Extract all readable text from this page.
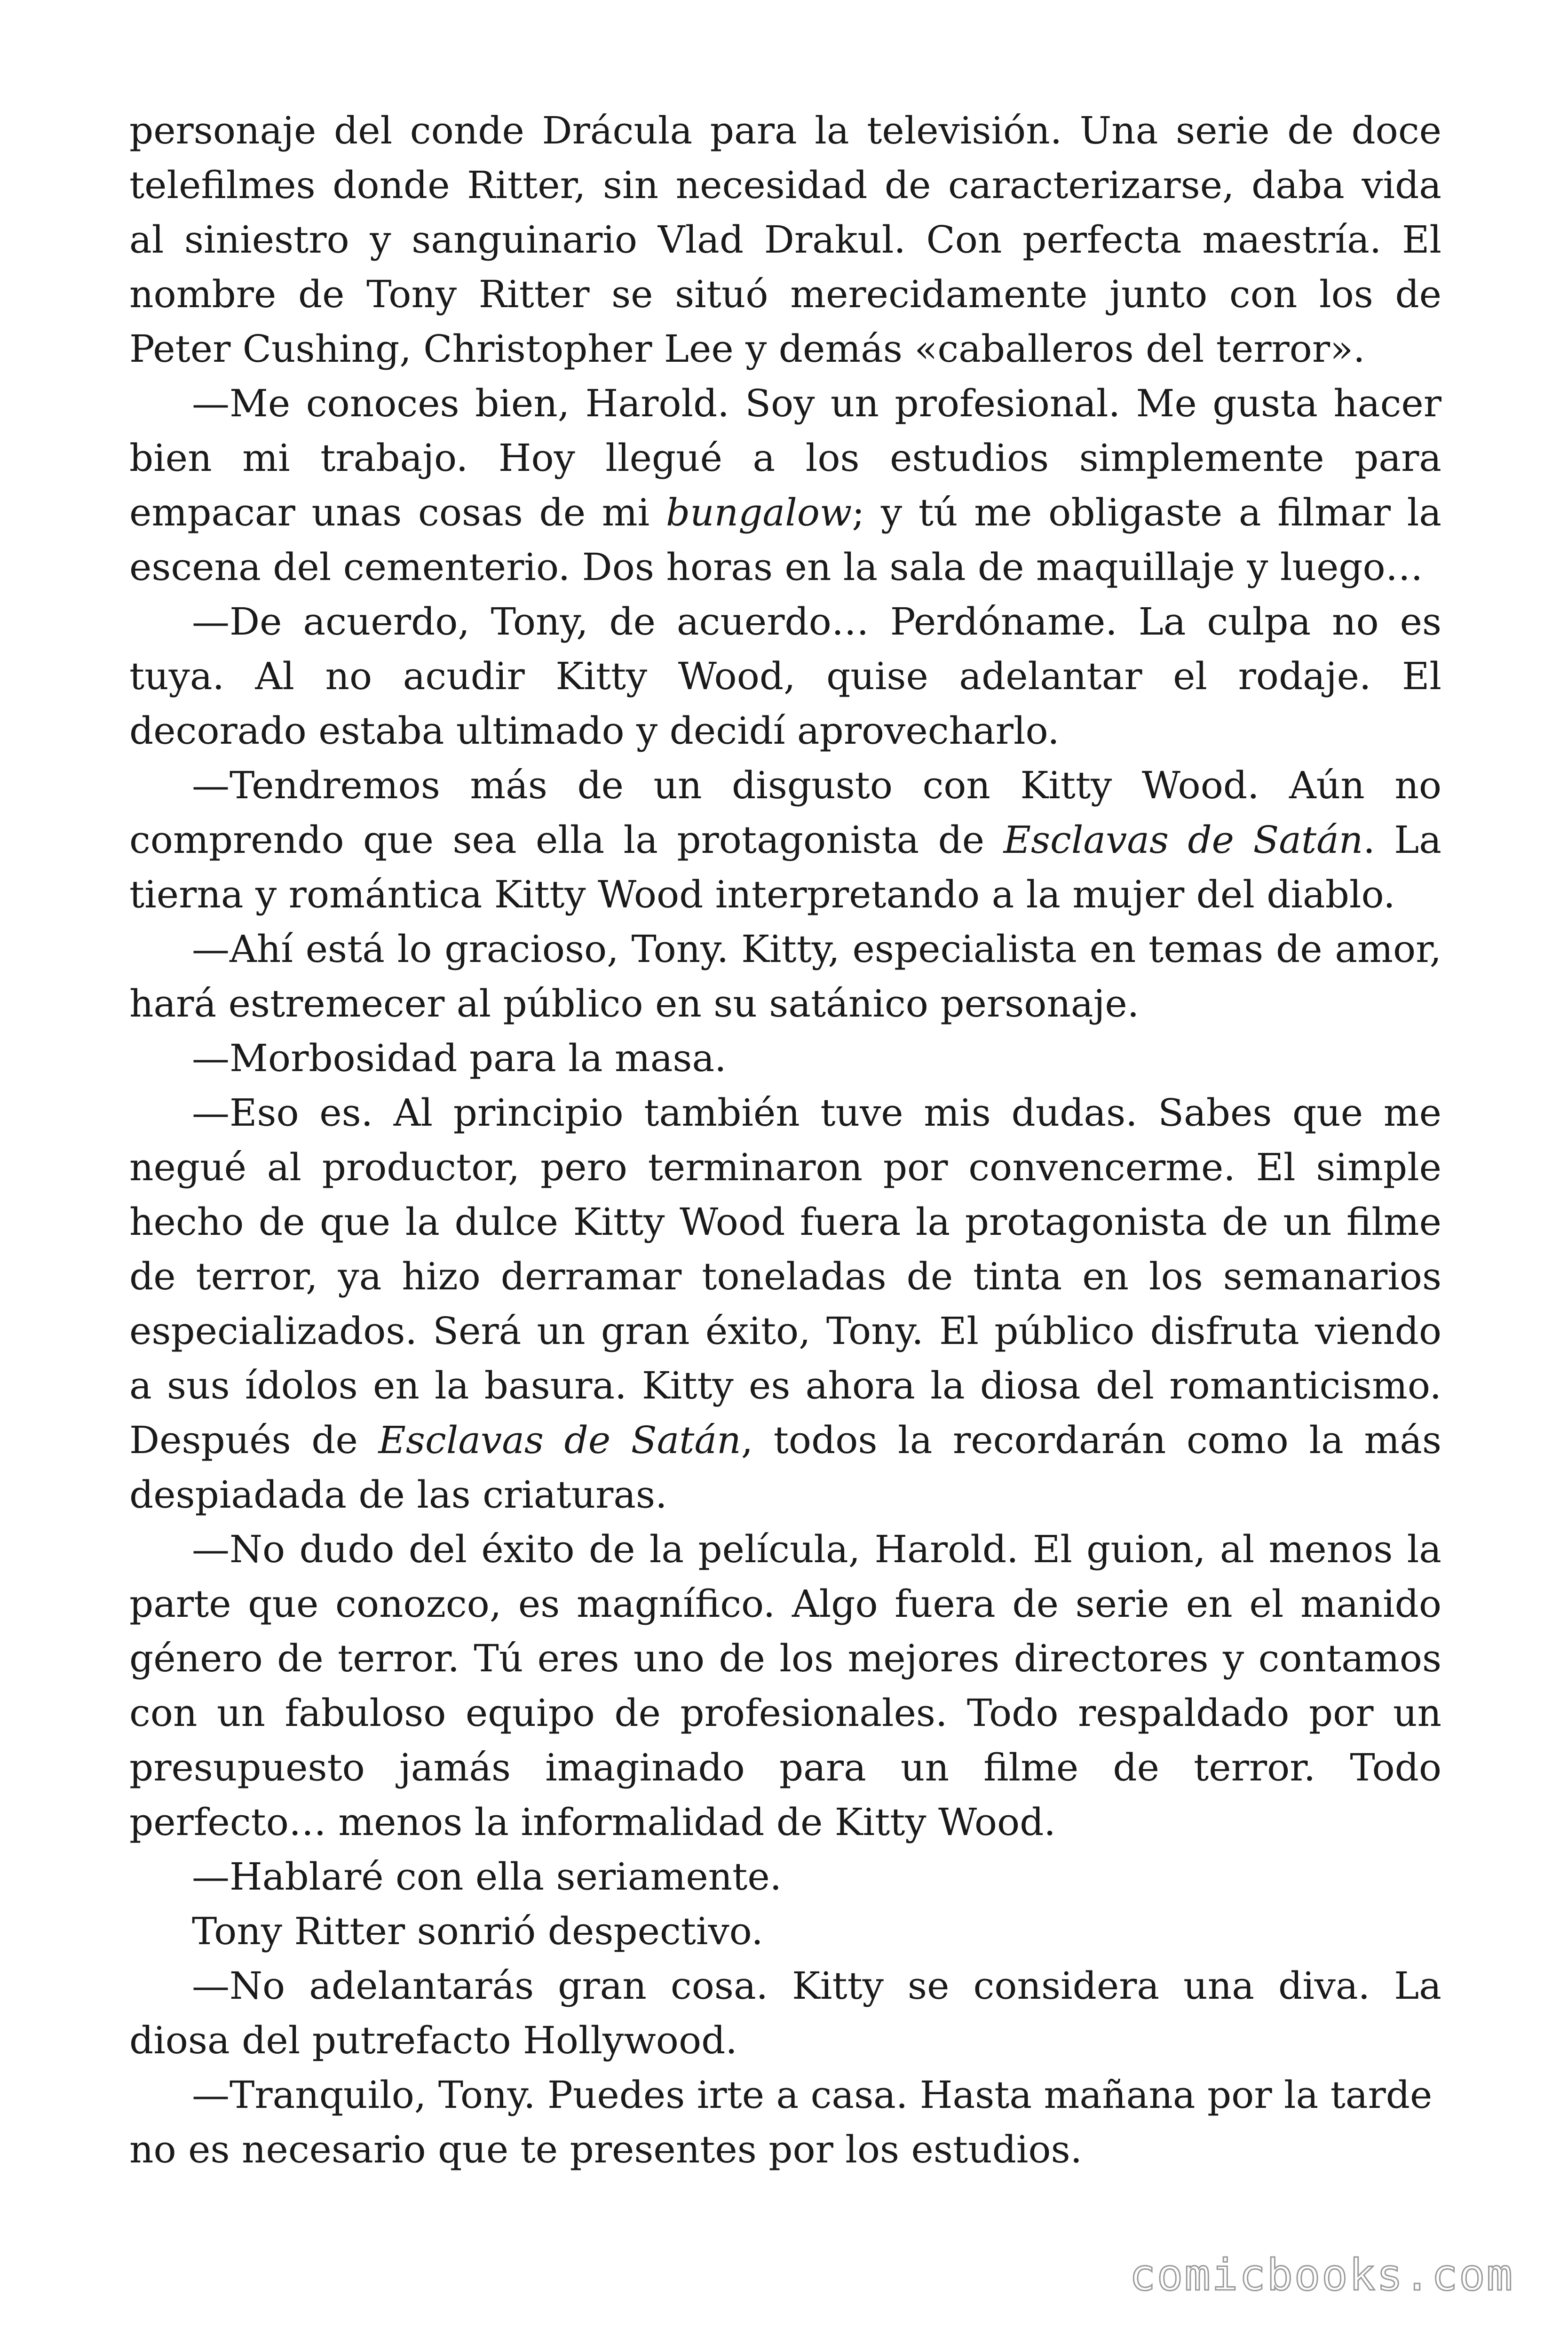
personaje del conde Drácula para la televisión. Una serie de doce telefilmes donde Ritter, sin necesidad de caracterizarse, daba vida al siniestro y sanguinario Vlad Drakul. Con perfecta maestría. El nombre de Tony Ritter se situó merecidamente junto con los de Peter Cushing, Christopher Lee y demás «caballeros del terror».

—Me conoces bien, Harold. Soy un profesional. Me gusta hacer bien mi trabajo. Hoy llegué a los estudios simplemente para empacar unas cosas de mi bungalow; y tú me obligaste a filmar la escena del cementerio. Dos horas en la sala de maquillaje y luego…

—De acuerdo, Tony, de acuerdo… Perdóname. La culpa no es tuya. Al no acudir Kitty Wood, quise adelantar el rodaje. El decorado estaba ultimado y decidí aprovecharlo.

—Tendremos más de un disgusto con Kitty Wood. Aún no comprendo que sea ella la protagonista de Esclavas de Satán. La tierna y romántica Kitty Wood interpretando a la mujer del diablo.

—Ahí está lo gracioso, Tony. Kitty, especialista en temas de amor, hará estremecer al público en su satánico personaje.

—Morbosidad para la masa.

—Eso es. Al principio también tuve mis dudas. Sabes que me negué al productor, pero terminaron por convencerme. El simple hecho de que la dulce Kitty Wood fuera la protagonista de un filme de terror, ya hizo derramar toneladas de tinta en los semanarios especializados. Será un gran éxito, Tony. El público disfruta viendo a sus ídolos en la basura. Kitty es ahora la diosa del romanticismo. Después de Esclavas de Satán, todos la recordarán como la más despiadada de las criaturas.

—No dudo del éxito de la película, Harold. El guion, al menos la parte que conozco, es magnífico. Algo fuera de serie en el manido género de terror. Tú eres uno de los mejores directores y contamos con un fabuloso equipo de profesionales. Todo respaldado por un presupuesto jamás imaginado para un filme de terror. Todo perfecto… menos la informalidad de Kitty Wood.

—Hablaré con ella seriamente.

Tony Ritter sonrió despectivo.

—No adelantarás gran cosa. Kitty se considera una diva. La diosa del putrefacto Hollywood.

—Tranquilo, Tony. Puedes irte a casa. Hasta mañana por la tarde no es necesario que te presentes por los estudios.

comicbooks.com
